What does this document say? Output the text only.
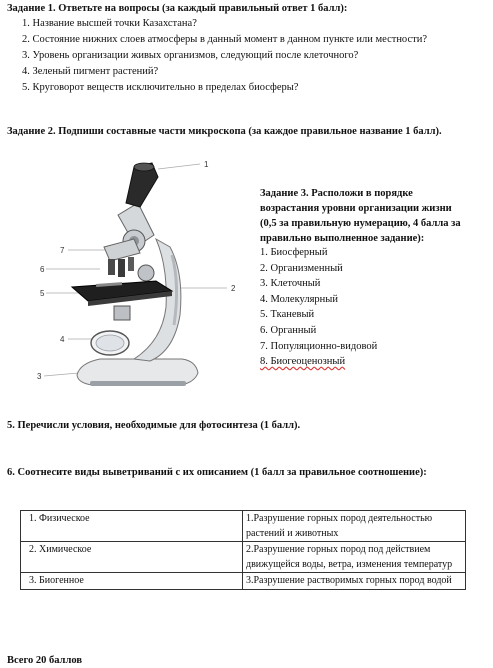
Задание 1. Ответьте на вопросы (за каждый правильный ответ 1 балл):
1. Название высшей точки Казахстана?
2. Состояние нижних слоев атмосферы в данный момент в данном пункте или местности?
3. Уровень организации живых организмов, следующий после клеточного?
4. Зеленый пигмент растений?
5. Круговорот веществ исключительно в пределах биосферы?
Задание 2. Подпиши составные части микроскопа (за каждое правильное название 1 балл).
1
2
3
4
5
6
7
Задание 3. Расположи в порядке возрастания уровни организации жизни (0,5 за правильную нумерацию, 4 балла за правильно выполненное задание):
1. Биосферный
2. Организменный
3. Клеточный
4. Молекулярный
5. Тканевый
6. Органный
7. Популяционно-видовой
8. Биогеоценозный
5. Перечисли условия, необходимые для фотосинтеза (1 балл).
6. Соотнесите виды выветриваний с их описанием (1 балл за правильное соотношение):
1. Физическое	1.Разрушение горных пород деятельностью растений и животных
2. Химическое	2.Разрушение горных пород под действием движущейся воды, ветра, изменения температур
3. Биогенное	3.Разрушение растворимых горных пород водой
Всего 20 баллов
